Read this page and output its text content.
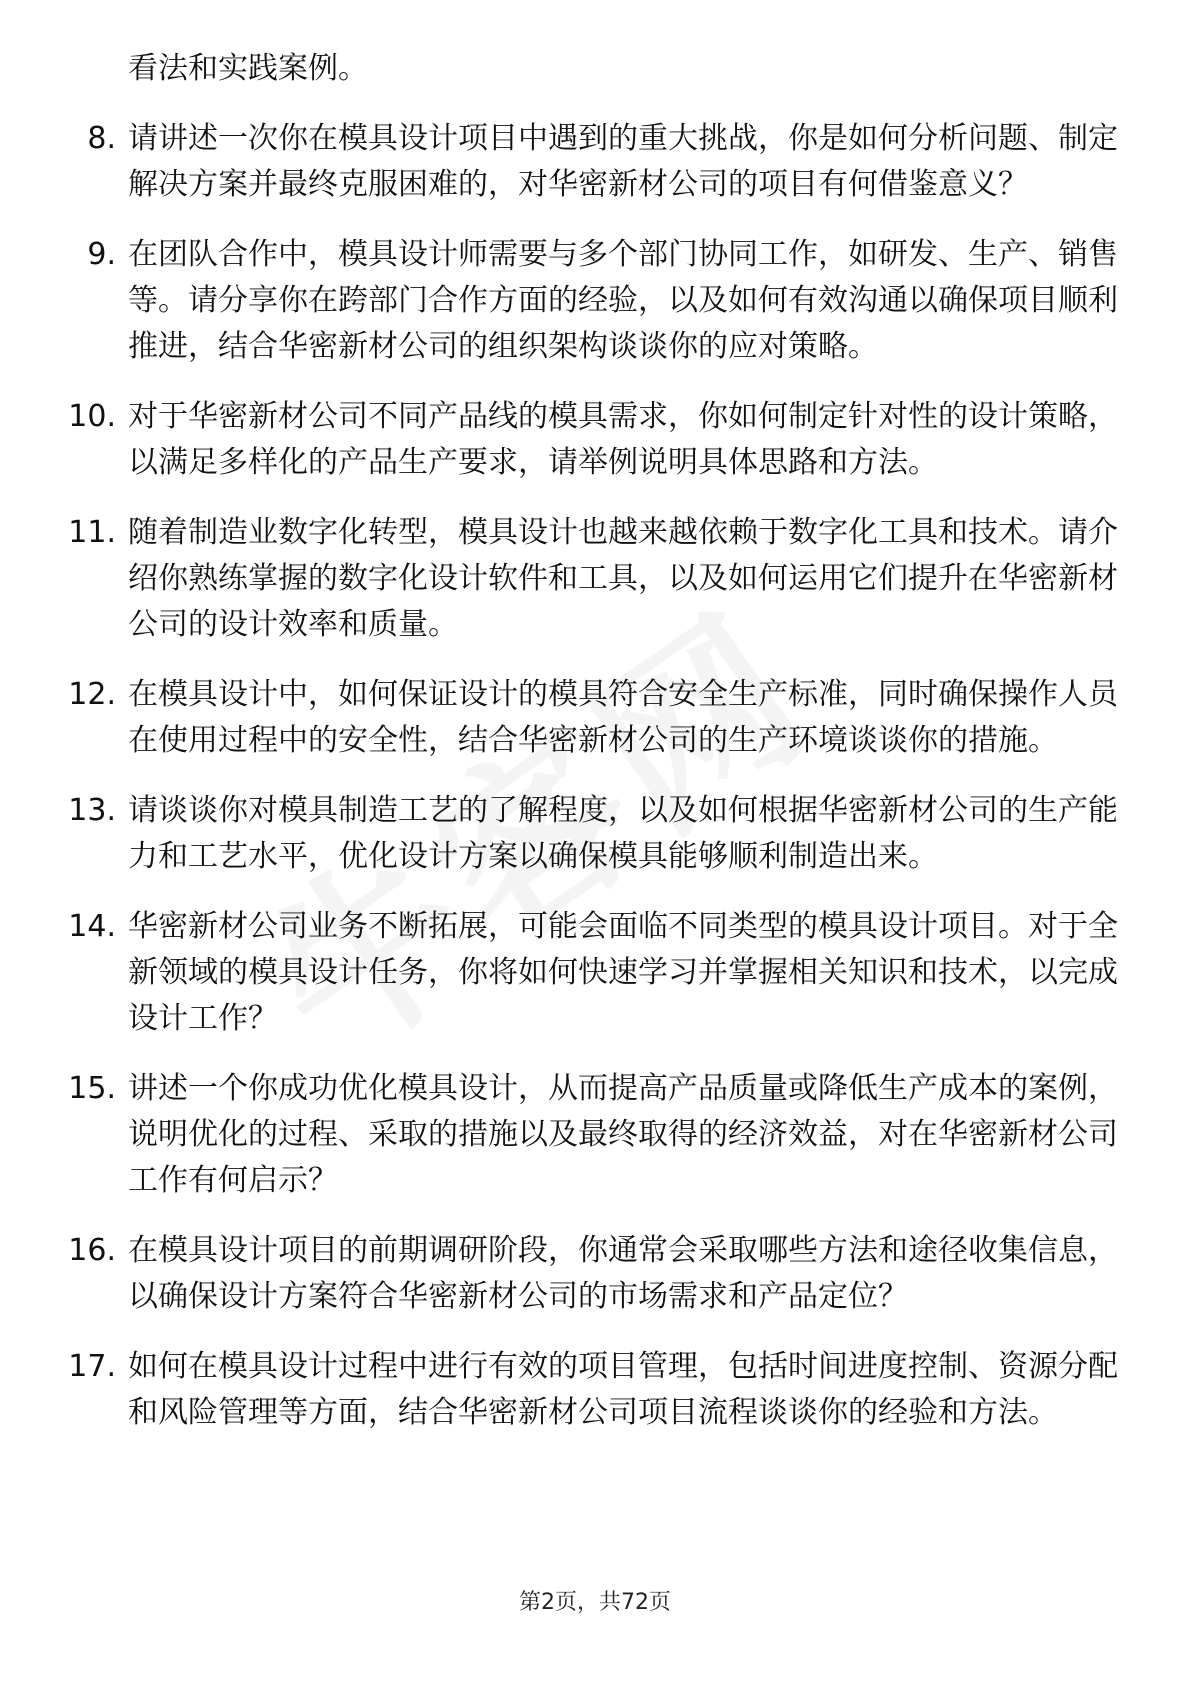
看法和实践案例。
8. 请讲述一次你在模具设计项目中遇到的重大挑战，你是如何分析问题、制定解决方案并最终克服困难的，对华密新材公司的项目有何借鉴意义？
9. 在团队合作中，模具设计师需要与多个部门协同工作，如研发、生产、销售等。请分享你在跨部门合作方面的经验，以及如何有效沟通以确保项目顺利推进，结合华密新材公司的组织架构谈谈你的应对策略。
10. 对于华密新材公司不同产品线的模具需求，你如何制定针对性的设计策略，以满足多样化的产品生产要求，请举例说明具体思路和方法。
11. 随着制造业数字化转型，模具设计也越来越依赖于数字化工具和技术。请介绍你熟练掌握的数字化设计软件和工具，以及如何运用它们提升在华密新材公司的设计效率和质量。
12. 在模具设计中，如何保证设计的模具符合安全生产标准，同时确保操作人员在使用过程中的安全性，结合华密新材公司的生产环境谈谈你的措施。
13. 请谈谈你对模具制造工艺的了解程度，以及如何根据华密新材公司的生产能力和工艺水平，优化设计方案以确保模具能够顺利制造出来。
14. 华密新材公司业务不断拓展，可能会面临不同类型的模具设计项目。对于全新领域的模具设计任务，你将如何快速学习并掌握相关知识和技术，以完成设计工作？
15. 讲述一个你成功优化模具设计，从而提高产品质量或降低生产成本的案例，说明优化的过程、采取的措施以及最终取得的经济效益，对在华密新材公司工作有何启示？
16. 在模具设计项目的前期调研阶段，你通常会采取哪些方法和途径收集信息，以确保设计方案符合华密新材公司的市场需求和产品定位？
17. 如何在模具设计过程中进行有效的项目管理，包括时间进度控制、资源分配和风险管理等方面，结合华密新材公司项目流程谈谈你的经验和方法。
第2页，共72页
